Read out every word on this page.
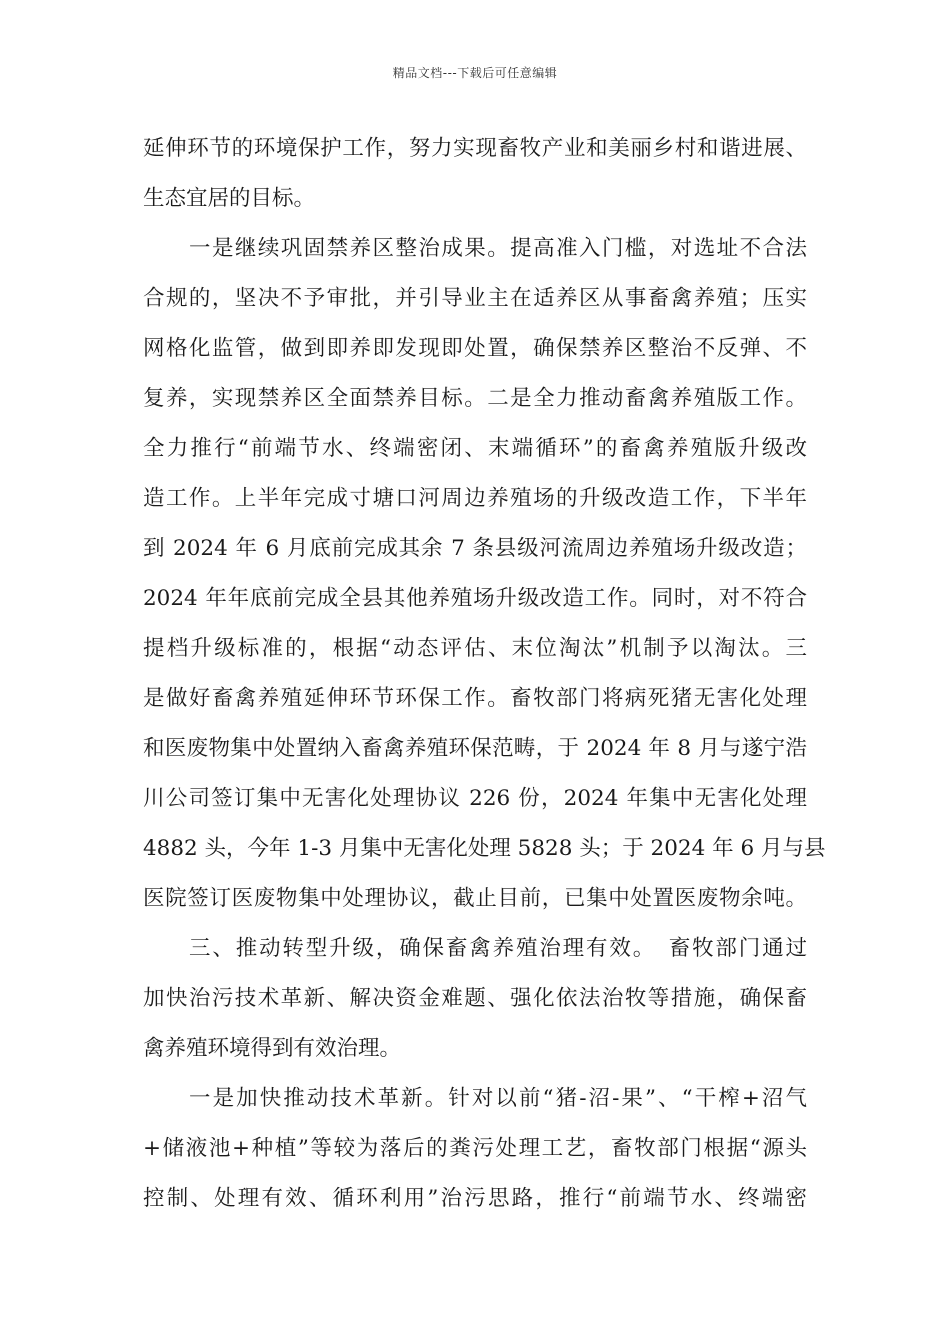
精品文档---下载后可任意编辑
延伸环节的环境保护工作，努力实现畜牧产业和美丽乡村和谐进展、
生态宜居的目标。
一是继续巩固禁养区整治成果。提高准入门槛，对选址不合法
合规的，坚决不予审批，并引导业主在适养区从事畜禽养殖；压实
网格化监管，做到即养即发现即处置，确保禁养区整治不反弹、不
复养，实现禁养区全面禁养目标。二是全力推动畜禽养殖版工作。
全力推行“前端节水、终端密闭、末端循环”的畜禽养殖版升级改
造工作。上半年完成寸塘口河周边养殖场的升级改造工作，下半年
到 2024 年 6 月底前完成其余 7 条县级河流周边养殖场升级改造；
2024 年年底前完成全县其他养殖场升级改造工作。同时，对不符合
提档升级标准的，根据“动态评估、末位淘汰”机制予以淘汰。三
是做好畜禽养殖延伸环节环保工作。畜牧部门将病死猪无害化处理
和医废物集中处置纳入畜禽养殖环保范畴，于 2024 年 8 月与遂宁浩
川公司签订集中无害化处理协议 226 份，2024 年集中无害化处理
4882 头，今年 1-3 月集中无害化处理 5828 头；于 2024 年 6 月与县
医院签订医废物集中处理协议，截止目前，已集中处置医废物余吨。
三、推动转型升级，确保畜禽养殖治理有效。　畜牧部门通过
加快治污技术革新、解决资金难题、强化依法治牧等措施，确保畜
禽养殖环境得到有效治理。
一是加快推动技术革新。针对以前“猪-沼-果”、“干榨+沼气
+储液池+种植”等较为落后的粪污处理工艺，畜牧部门根据“源头
控制、处理有效、循环利用”治污思路，推行“前端节水、终端密
